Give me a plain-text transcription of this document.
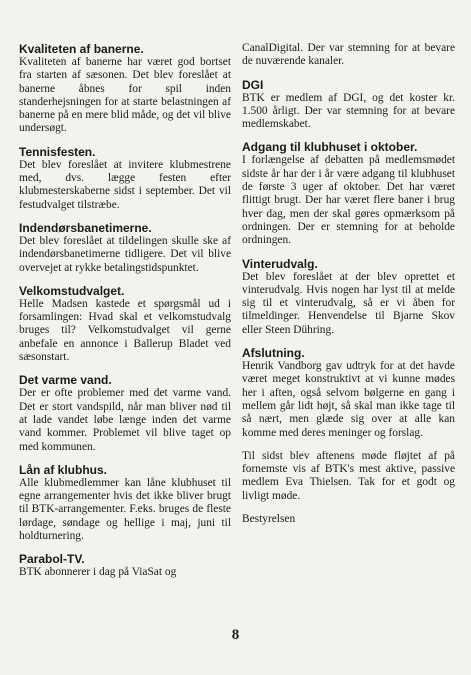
Kvaliteten af banerne.

Kvaliteten af banerne har været god bortset fra starten af sæsonen. Det blev foreslået at banerne åbnes for spil inden standerhejsningen for at starte belastningen af banerne på en mere blid måde, og det vil blive undersøgt.

Tennisfesten.

Det blev foreslået at invitere klubmestrene med, dvs. lægge festen efter klubmesterskaberne sidst i september. Det vil festudvalget tilstræbe.

Indendørsbanetimerne.

Det blev foreslået at tildelingen skulle ske af indendørsbanetimerne tidligere. Det vil blive overvejet at rykke betalingstidspunktet.

Velkomstudvalget.

Helle Madsen kastede et spørgsmål ud i forsamlingen: Hvad skal et velkomstudvalg bruges til? Velkomstudvalget vil gerne anbefale en annonce i Ballerup Bladet ved sæsonstart.

Det varme vand.

Der er ofte problemer med det varme vand. Det er stort vandspild, når man bliver nød til at lade vandet løbe længe inden det varme vand kommer. Problemet vil blive taget op med kommunen.

Lån af klubhus.

Alle klubmedlemmer kan låne klubhuset til egne arrangementer hvis det ikke bliver brugt til BTK-arrangementer. F.eks. bruges de fleste lørdage, søndage og helligе i maj, juni til holdturnering.

Parabol-TV.

BTK abonnerer i dag på ViaSat og

CanalDigital. Der var stemning for at bevare de nuværende kanaler.

DGI

BTK er medlem af DGI, og det koster kr. 1.500 årligt. Der var stemning for at bevare medlemskabet.

Adgang til klubhuset i oktober.

I forlængelse af debatten på medlemsmødet sidste år har der i år være adgang til klubhuset de første 3 uger af oktober. Det har været flittigt brugt. Der har været flere baner i brug hver dag, men der skal gøres opmærksom på ordningen. Der er stemning for at beholde ordningen.

Vinterudvalg.

Det blev foreslået at der blev oprettet et vinterudvalg. Hvis nogen har lyst til at melde sig til et vinterudvalg, så er vi åben for tilmeldinger. Henvendelse til Bjarne Skov eller Steen Dühring.

Afslutning.

Henrik Vandborg gav udtryk for at det havde været meget konstruktivt at vi kunne mødes her i aften, også selvom bølgerne en gang i mellem går lidt højt, så skal man ikke tage til så nært, men glæde sig over at alle kan komme med deres meninger og forslag.

Til sidst blev aftenens møde fløjtet af på fornemste vis af BTK's mest aktive, passive medlem Eva Thielsen. Tak for et godt og livligt møde.

Bestyrelsen

8
